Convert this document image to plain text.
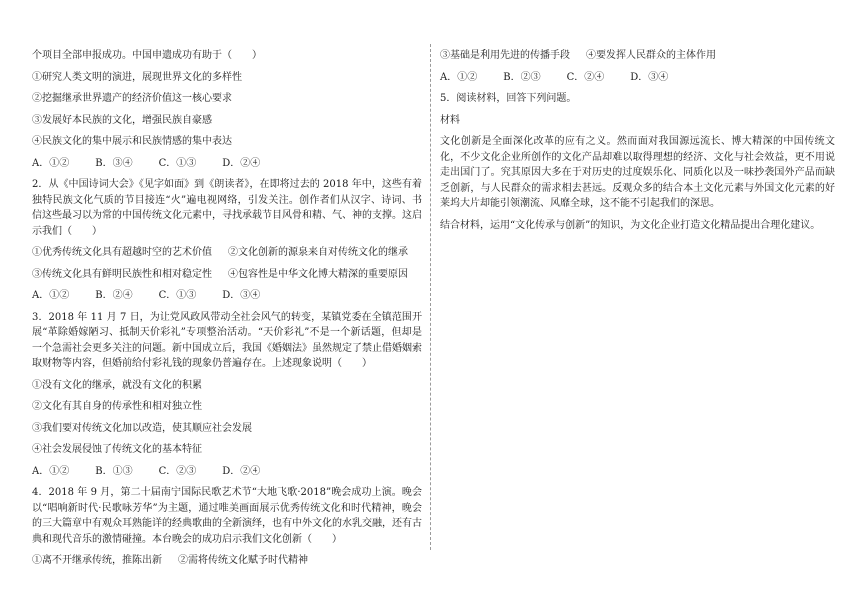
个项目全部申报成功。中国申遗成功有助于（　　）

①研究人类文明的演进，展现世界文化的多样性

②挖掘继承世界遗产的经济价值这一核心要求

③发展好本民族的文化，增强民族自豪感

④民族文化的集中展示和民族情感的集中表达

A．①②	B．③④	C．①③	D．②④

2．从《中国诗词大会》《见字如面》到《朗读者》，在即将过去的 2018 年中，这些有着独特民族文化气质的节目接连“火”遍电视网络，引发关注。创作者们从汉字、诗词、书信这些最习以为常的中国传统文化元素中，寻找承载节目风骨和精、气、神的支撑。这启示我们（　　）

①优秀传统文化具有超越时空的艺术价值 ②文化创新的源泉来自对传统文化的继承

③传统文化具有鲜明民族性和相对稳定性 ④包容性是中华文化博大精深的重要原因

A．①②	B．②④	C．①③	D．③④

3．2018 年 11 月 7 日，为让党风政风带动全社会风气的转变，某镇党委在全镇范围开展“革除婚嫁陋习、抵制天价彩礼”专项整治活动。“天价彩礼”不是一个新话题，但却是一个急需社会更多关注的问题。新中国成立后，我国《婚姻法》虽然规定了禁止借婚姻索取财物等内容，但婚前给付彩礼钱的现象仍普遍存在。上述现象说明（　　）

①没有文化的继承，就没有文化的积累

②文化有其自身的传承性和相对独立性

③我们要对传统文化加以改造，使其顺应社会发展

④社会发展侵蚀了传统文化的基本特征

A．①②	B．①③	C．②③	D．②④

4．2018 年 9 月，第二十届南宁国际民歌艺术节“大地飞歌·2018”晚会成功上演。晚会以“唱响新时代·民歌咏芳华”为主题，通过唯美画面展示优秀传统文化和时代精神，晚会的三大篇章中有观众耳熟能详的经典歌曲的全新演绎，也有中外文化的水乳交融，还有古典和现代音乐的激情碰撞。本台晚会的成功启示我们文化创新（　　）

①离不开继承传统，推陈出新 ②需将传统文化赋予时代精神

③基础是利用先进的传播手段 ④要发挥人民群众的主体作用

A．①②	B．②③	C．②④	D．③④

5．阅读材料，回答下列问题。

材料

文化创新是全面深化改革的应有之义。然而面对我国源远流长、博大精深的中国传统文化，不少文化企业所创作的文化产品却难以取得理想的经济、文化与社会效益，更不用说走出国门了。究其原因大多在于对历史的过度娱乐化、同质化以及一味抄袭国外产品而缺乏创新，与人民群众的需求相去甚远。反观众多的结合本土文化元素与外国文化元素的好莱坞大片却能引领潮流、风靡全球，这不能不引起我们的深思。

结合材料，运用“文化传承与创新”的知识，为文化企业打造文化精品提出合理化建议。
